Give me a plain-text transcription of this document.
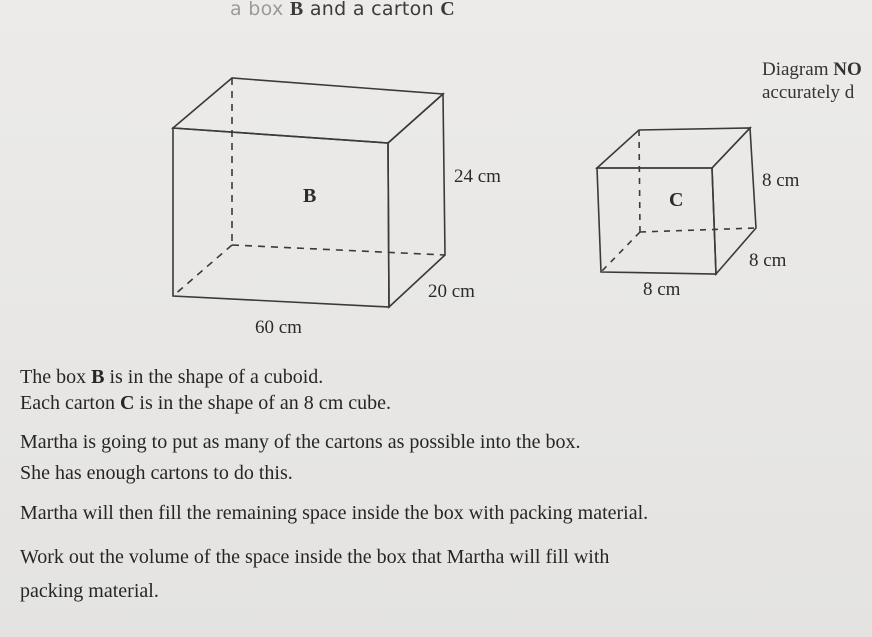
a box B and a carton C
Diagram NO
accurately d
B
24 cm
20 cm
60 cm
C
8 cm
8 cm
8 cm
The box B is in the shape of a cuboid.
Each carton C is in the shape of an 8 cm cube.
Martha is going to put as many of the cartons as possible into the box.
She has enough cartons to do this.
Martha will then fill the remaining space inside the box with packing material.
Work out the volume of the space inside the box that Martha will fill with
packing material.
